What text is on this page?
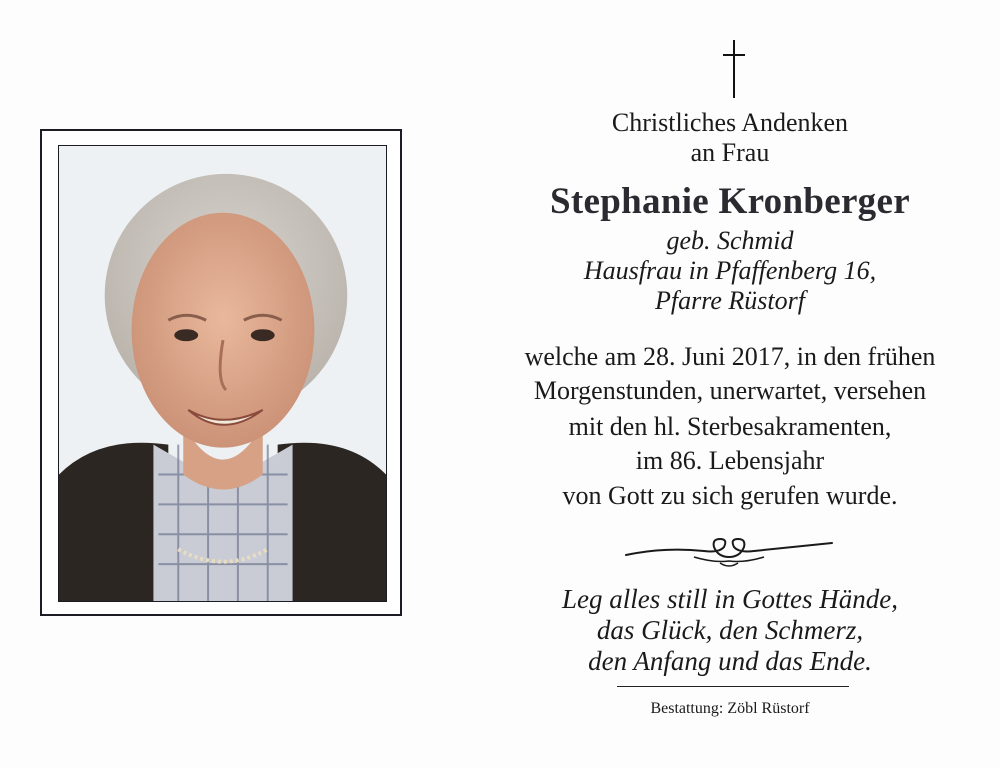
Christliches Andenken
an Frau
Stephanie Kronberger
geb. Schmid
Hausfrau in Pfaffenberg 16,
Pfarre Rüstorf
welche am 28. Juni 2017, in den frühen
Morgenstunden, unerwartet, versehen
mit den hl. Sterbesakramenten,
im 86. Lebensjahr
von Gott zu sich gerufen wurde.
Leg alles still in Gottes Hände,
das Glück, den Schmerz,
den Anfang und das Ende.
Bestattung: Zöbl Rüstorf
